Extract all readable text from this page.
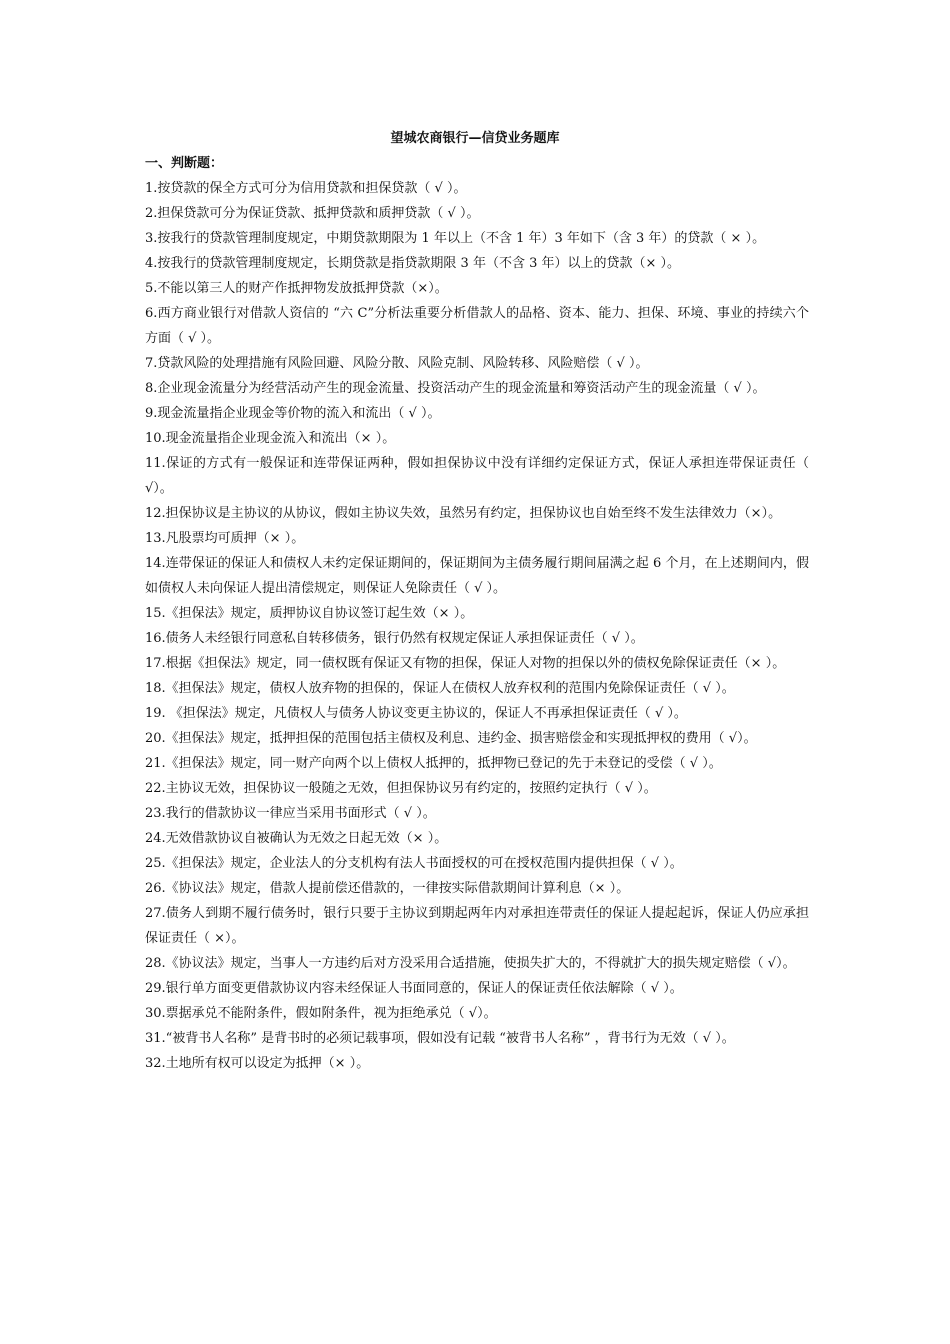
望城农商银行—信贷业务题库
一、判断题：
1.按贷款的保全方式可分为信用贷款和担保贷款（ √ ）。
2.担保贷款可分为保证贷款、抵押贷款和质押贷款（ √ ）。
3.按我行的贷款管理制度规定，中期贷款期限为 1 年以上（不含 1 年）3 年如下（含 3 年）的贷款（ × ）。
4.按我行的贷款管理制度规定，长期贷款是指贷款期限 3 年（不含 3 年）以上的贷款（× ）。
5.不能以第三人的财产作抵押物发放抵押贷款（×）。
6.西方商业银行对借款人资信的 “六 C”分析法重要分析借款人的品格、资本、能力、担保、环境、事业的持续六个方面（ √ ）。
7.贷款风险的处理措施有风险回避、风险分散、风险克制、风险转移、风险赔偿（ √ ）。
8.企业现金流量分为经营活动产生的现金流量、投资活动产生的现金流量和筹资活动产生的现金流量（ √ ）。
9.现金流量指企业现金等价物的流入和流出（ √ ）。
10.现金流量指企业现金流入和流出（× ）。
11.保证的方式有一般保证和连带保证两种，假如担保协议中没有详细约定保证方式，保证人承担连带保证责任（ √）。
12.担保协议是主协议的从协议，假如主协议失效，虽然另有约定，担保协议也自始至终不发生法律效力（×）。
13.凡股票均可质押（× ）。
14.连带保证的保证人和债权人未约定保证期间的，保证期间为主债务履行期间届满之起 6 个月，在上述期间内，假如债权人未向保证人提出清偿规定，则保证人免除责任（ √ ）。
15.《担保法》规定，质押协议自协议签订起生效（× ）。
16.债务人未经银行同意私自转移债务，银行仍然有权规定保证人承担保证责任（ √ ）。
17.根据《担保法》规定，同一债权既有保证又有物的担保，保证人对物的担保以外的债权免除保证责任（× ）。
18.《担保法》规定，债权人放弃物的担保的，保证人在债权人放弃权利的范围内免除保证责任（ √ ）。
19. 《担保法》规定，凡债权人与债务人协议变更主协议的，保证人不再承担保证责任（ √ ）。
20.《担保法》规定，抵押担保的范围包括主债权及利息、违约金、损害赔偿金和实现抵押权的费用（ √）。
21.《担保法》规定，同一财产向两个以上债权人抵押的，抵押物已登记的先于未登记的受偿（ √ ）。
22.主协议无效，担保协议一般随之无效，但担保协议另有约定的，按照约定执行（ √ ）。
23.我行的借款协议一律应当采用书面形式（ √ ）。
24.无效借款协议自被确认为无效之日起无效（× ）。
25.《担保法》规定，企业法人的分支机构有法人书面授权的可在授权范围内提供担保（ √ ）。
26.《协议法》规定，借款人提前偿还借款的，一律按实际借款期间计算利息（× ）。
27.债务人到期不履行债务时，银行只要于主协议到期起两年内对承担连带责任的保证人提起起诉，保证人仍应承担保证责任（ ×）。
28.《协议法》规定，当事人一方违约后对方没采用合适措施，使损失扩大的，不得就扩大的损失规定赔偿（ √）。
29.银行单方面变更借款协议内容未经保证人书面同意的，保证人的保证责任依法解除（ √ ）。
30.票据承兑不能附条件，假如附条件，视为拒绝承兑（ √）。
31.“被背书人名称” 是背书时的必须记载事项，假如没有记载 “被背书人名称” ，背书行为无效（ √ ）。
32.土地所有权可以设定为抵押（× ）。
